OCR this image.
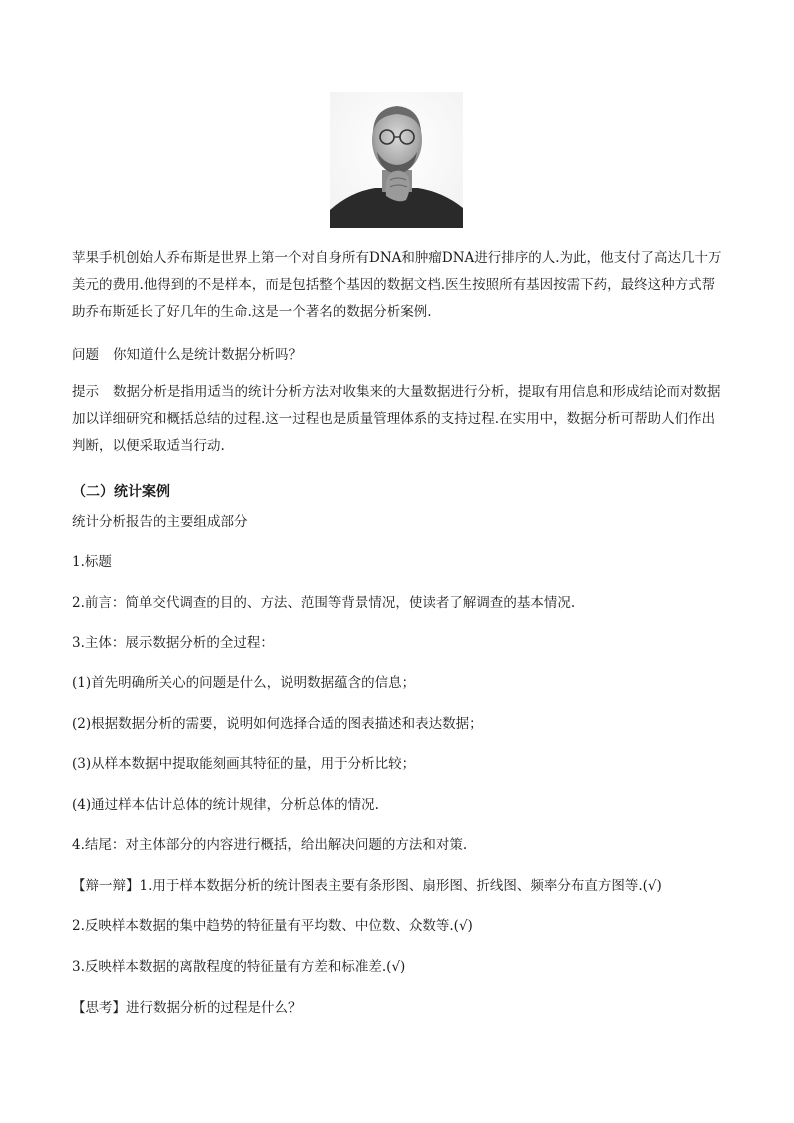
苹果手机创始人乔布斯是世界上第一个对自身所有DNA和肿瘤DNA进行排序的人.为此，他支付了高达几十万美元的费用.他得到的不是样本，而是包括整个基因的数据文档.医生按照所有基因按需下药，最终这种方式帮助乔布斯延长了好几年的生命.这是一个著名的数据分析案例.

问题 你知道什么是统计数据分析吗？

提示 数据分析是指用适当的统计分析方法对收集来的大量数据进行分析，提取有用信息和形成结论而对数据加以详细研究和概括总结的过程.这一过程也是质量管理体系的支持过程.在实用中，数据分析可帮助人们作出判断，以便采取适当行动.

（二）统计案例

统计分析报告的主要组成部分

1.标题

2.前言：简单交代调查的目的、方法、范围等背景情况，使读者了解调查的基本情况.

3.主体：展示数据分析的全过程：

(1)首先明确所关心的问题是什么，说明数据蕴含的信息；

(2)根据数据分析的需要，说明如何选择合适的图表描述和表达数据；

(3)从样本数据中提取能刻画其特征的量，用于分析比较；

(4)通过样本估计总体的统计规律，分析总体的情况.

4.结尾：对主体部分的内容进行概括，给出解决问题的方法和对策.

【辩一辩】1.用于样本数据分析的统计图表主要有条形图、扇形图、折线图、频率分布直方图等.(√)

2.反映样本数据的集中趋势的特征量有平均数、中位数、众数等.(√)

3.反映样本数据的离散程度的特征量有方差和标准差.(√)

【思考】进行数据分析的过程是什么？
